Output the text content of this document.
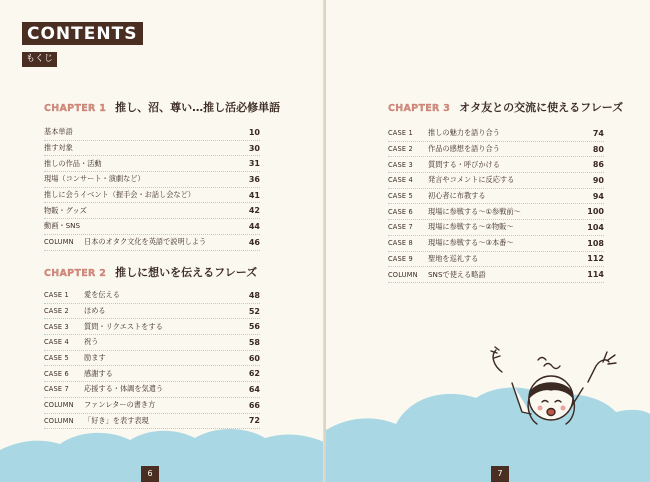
CONTENTS
もくじ
CHAPTER 1 推し、沼、尊い…推し活必修単語
基本単語	10
推す対象	30
推しの作品・活動	31
現場（コンサート・演劇など）	36
推しに会うイベント（握手会・お話し会など）	41
物販・グッズ	42
動画・SNS	44
COLUMN	日本のオタク文化を英語で説明しよう	46
CHAPTER 2 推しに想いを伝えるフレーズ
CASE 1	愛を伝える	48
CASE 2	ほめる	52
CASE 3	質問・リクエストをする	56
CASE 4	祝う	58
CASE 5	励ます	60
CASE 6	感謝する	62
CASE 7	応援する・体調を気遣う	64
COLUMN	ファンレターの書き方	66
COLUMN	「好き」を表す表現	72
6
CHAPTER 3 オタ友との交流に使えるフレーズ
CASE 1	推しの魅力を語り合う	74
CASE 2	作品の感想を語り合う	80
CASE 3	質問する・呼びかける	86
CASE 4	発言やコメントに反応する	90
CASE 5	初心者に布教する	94
CASE 6	現場に参戦する〜①参戦前〜	100
CASE 7	現場に参戦する〜②物販〜	104
CASE 8	現場に参戦する〜③本番〜	108
CASE 9	聖地を巡礼する	112
COLUMN	SNSで使える略語	114
7
